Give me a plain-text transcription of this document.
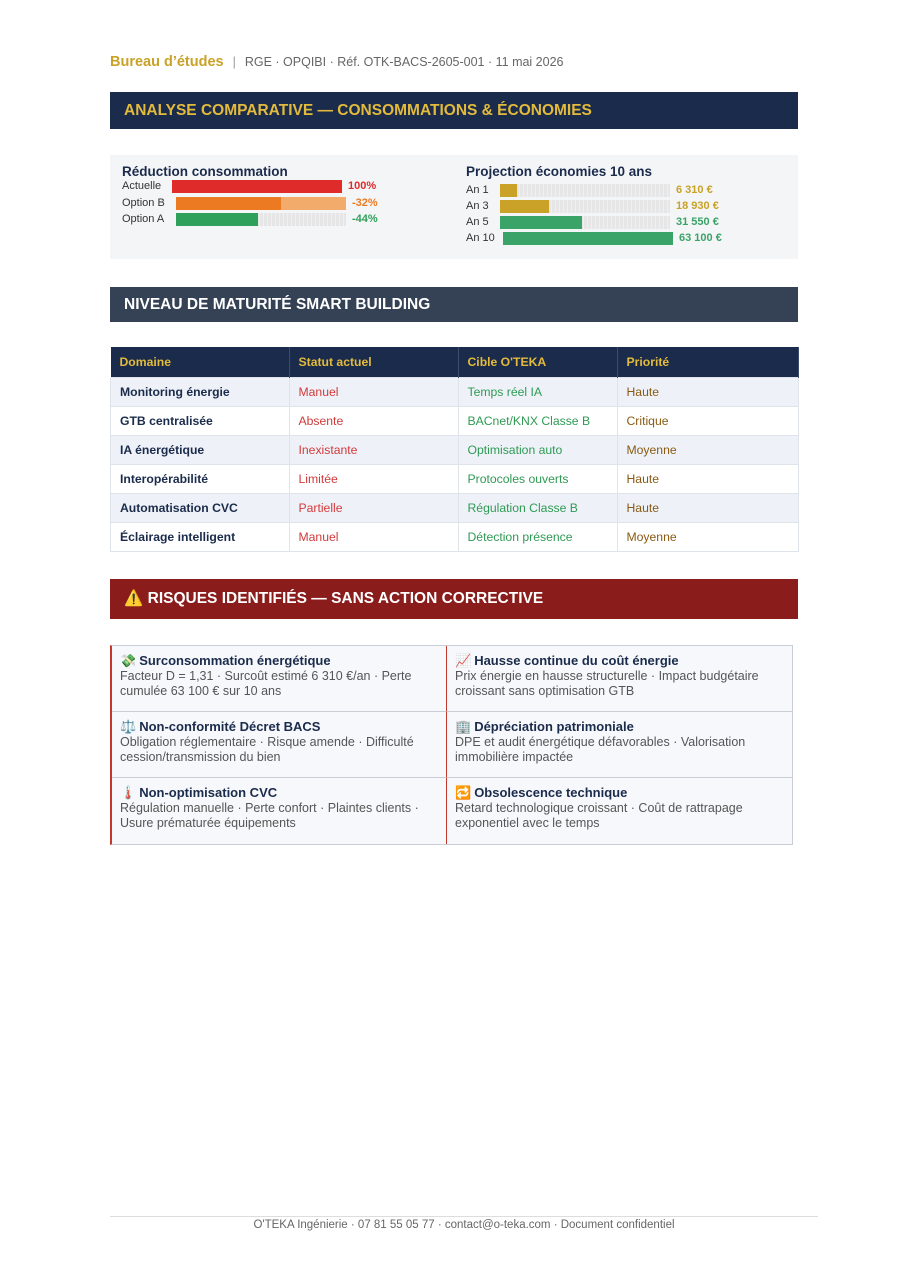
Bureau d’études | RGE · OPQIBI · Réf. OTK-BACS-2605-001 · 11 mai 2026
ANALYSE COMPARATIVE — CONSOMMATIONS & ÉCONOMIES
Réduction consommation
Actuelle	100%
Option B	-32%
Option A	-44%
Projection économies 10 ans
An 1	6 310 €
An 3	18 930 €
An 5	31 550 €
An 10	63 100 €
NIVEAU DE MATURITÉ SMART BUILDING
Domaine	Statut actuel	Cible O'TEKA	Priorité
Monitoring énergie	Manuel	Temps réel IA	Haute
GTB centralisée	Absente	BACnet/KNX Classe B	Critique
IA énergétique	Inexistante	Optimisation auto	Moyenne
Interopérabilité	Limitée	Protocoles ouverts	Haute
Automatisation CVC	Partielle	Régulation Classe B	Haute
Éclairage intelligent	Manuel	Détection présence	Moyenne
⚠️ RISQUES IDENTIFIÉS — SANS ACTION CORRECTIVE
💸 Surconsommation énergétique
Facteur D = 1,31 · Surcoût estimé 6 310 €/an · Perte cumulée 63 100 € sur 10 ans
📈 Hausse continue du coût énergie
Prix énergie en hausse structurelle · Impact budgétaire croissant sans optimisation GTB
⚖️ Non-conformité Décret BACS
Obligation réglementaire · Risque amende · Difficulté cession/transmission du bien
🏢 Dépréciation patrimoniale
DPE et audit énergétique défavorables · Valorisation immobilière impactée
🌡️ Non-optimisation CVC
Régulation manuelle · Perte confort · Plaintes clients · Usure prématurée équipements
🔁 Obsolescence technique
Retard technologique croissant · Coût de rattrapage exponentiel avec le temps
O'TEKA Ingénierie · 07 81 55 05 77 · contact@o-teka.com · Document confidentiel
